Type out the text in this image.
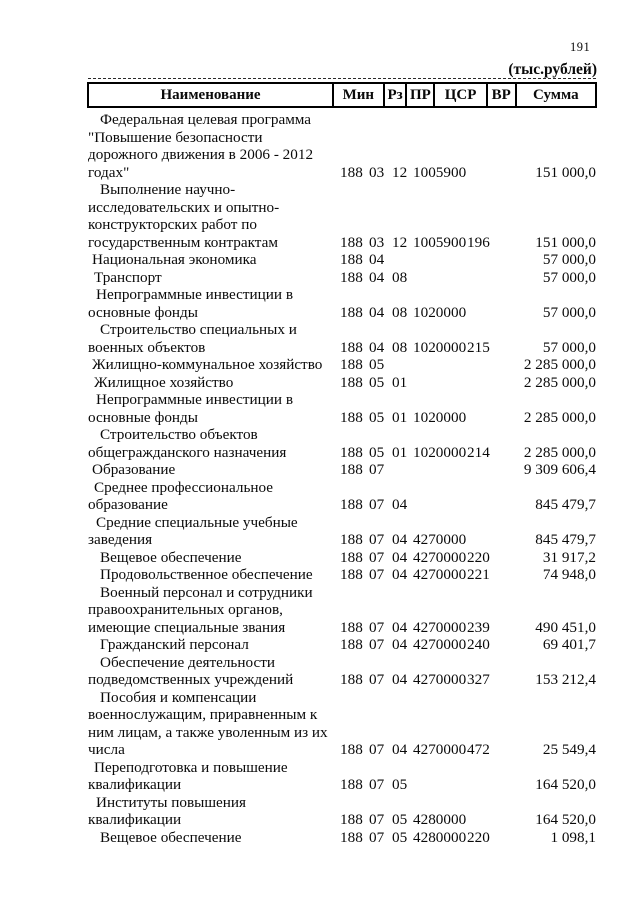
191
(тыс.рублей)
Наименование	Мин Рз ПР ЦСР	ВР	Сумма
Федеральная целевая программа
"Повышение безопасности
дорожного движения в 2006 - 2012
годах"	188 03 12 1005900	151 000,0
Выполнение научно-
исследовательских и опытно-
конструкторских работ по
государственным контрактам	188 03 12 1005900 196	151 000,0
Национальная экономика	188 04	57 000,0
Транспорт	188 04 08	57 000,0
Непрограммные инвестиции в
основные фонды	188 04 08 1020000	57 000,0
Строительство специальных и
военных объектов	188 04 08 1020000 215	57 000,0
Жилищно-коммунальное хозяйство	188 05	2 285 000,0
Жилищное хозяйство	188 05 01	2 285 000,0
Непрограммные инвестиции в
основные фонды	188 05 01 1020000	2 285 000,0
Строительство объектов
общегражданского назначения	188 05 01 1020000 214	2 285 000,0
Образование	188 07	9 309 606,4
Среднее профессиональное
образование	188 07 04	845 479,7
Средние специальные учебные
заведения	188 07 04 4270000	845 479,7
Вещевое обеспечение	188 07 04 4270000 220	31 917,2
Продовольственное обеспечение	188 07 04 4270000 221	74 948,0
Военный персонал и сотрудники
правоохранительных органов,
имеющие специальные звания	188 07 04 4270000 239	490 451,0
Гражданский персонал	188 07 04 4270000 240	69 401,7
Обеспечение деятельности
подведомственных учреждений	188 07 04 4270000 327	153 212,4
Пособия и компенсации
военнослужащим, приравненным к
ним лицам, а также уволенным из их
числа	188 07 04 4270000 472	25 549,4
Переподготовка и повышение
квалификации	188 07 05	164 520,0
Институты повышения
квалификации	188 07 05 4280000	164 520,0
Вещевое обеспечение	188 07 05 4280000 220	1 098,1
